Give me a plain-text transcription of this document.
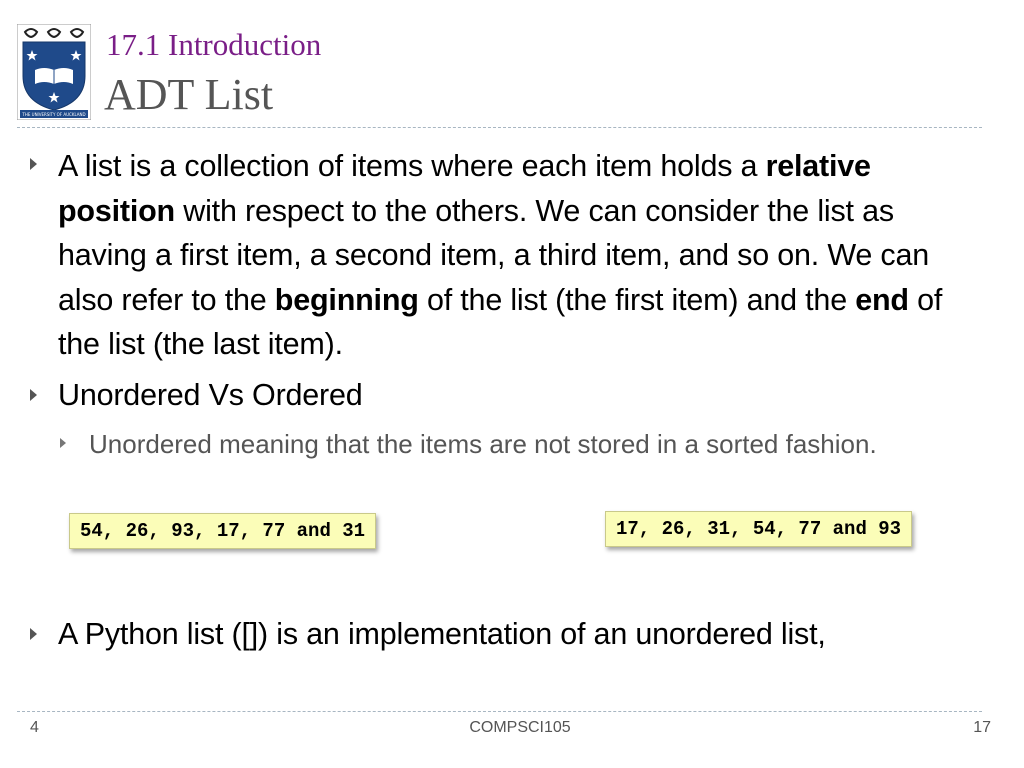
THE UNIVERSITY OF AUCKLAND
17.1 Introduction
ADT List

A list is a collection of items where each item holds a relative position with respect to the others. We can consider the list as having a first item, a second item, a third item, and so on. We can also refer to the beginning of the list (the first item) and the end of the list (the last item).

Unordered Vs Ordered

Unordered meaning that the items are not stored in a sorted fashion.

54, 26, 93, 17, 77 and 31	17, 26, 31, 54, 77 and 93

A Python list ([]) is an implementation of an unordered list,

4	COMPSCI105	17
